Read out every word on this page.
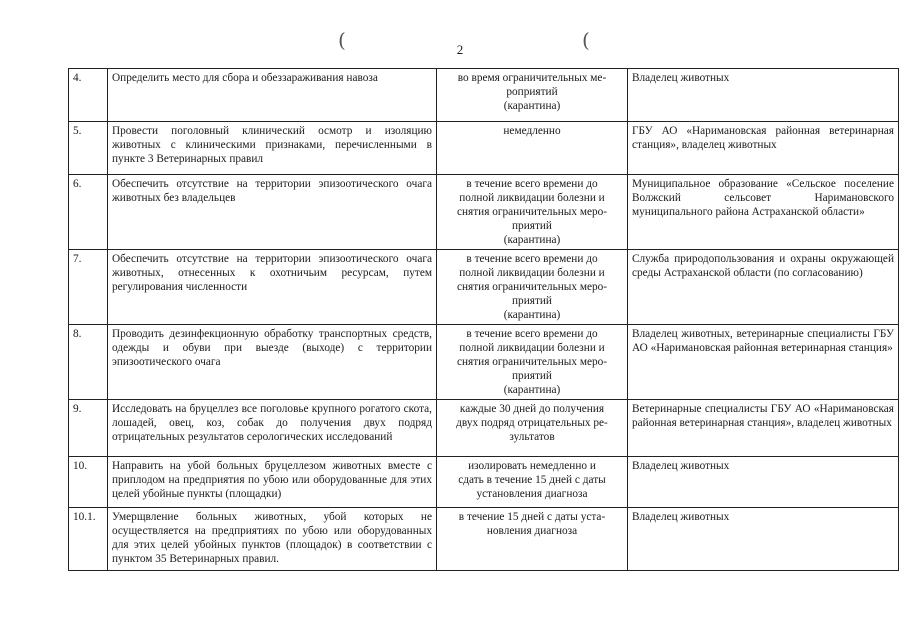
(	(
2
4.	Определить место для сбора и обеззараживания навоза	во время ограничительных ме-
роприятий
(карантина)	Владелец животных
5.	Провести поголовный клинический осмотр и изоляцию животных с клиническими признаками, перечисленными в пункте 3 Ветеринарных правил	немедленно	ГБУ АО «Наримановская районная ветеринарная станция», владелец животных
6.	Обеспечить отсутствие на территории эпизоотического очага животных без владельцев	в течение всего времени до
полной ликвидации болезни и
снятия ограничительных меро-
приятий
(карантина)	Муниципальное образование «Сельское поселение Волжский сельсовет Наримановского муниципального района Астраханской области»
7.	Обеспечить отсутствие на территории эпизоотического очага животных, отнесенных к охотничьим ресурсам, путем регулирования численности	в течение всего времени до
полной ликвидации болезни и
снятия ограничительных меро-
приятий
(карантина)	Служба природопользования и охраны окружающей среды Астраханской области (по согласованию)
8.	Проводить дезинфекционную обработку транспортных средств, одежды и обуви при выезде (выходе) с территории эпизоотического очага	в течение всего времени до
полной ликвидации болезни и
снятия ограничительных меро-
приятий
(карантина)	Владелец животных, ветеринарные специалисты ГБУ АО «Наримановская районная ветеринарная станция»
9.	Исследовать на бруцеллез все поголовье крупного рогатого скота, лошадей, овец, коз, собак до получения двух подряд отрицательных результатов серологических исследований	каждые 30 дней до получения
двух подряд отрицательных ре-
зультатов	Ветеринарные специалисты ГБУ АО «Наримановская районная ветеринарная станция», владелец животных
10.	Направить на убой больных бруцеллезом животных вместе с приплодом на предприятия по убою или оборудованные для этих целей убойные пункты (площадки)	изолировать немедленно и
сдать в течение 15 дней с даты
установления диагноза	Владелец животных
10.1.	Умерщвление больных животных, убой которых не осуществляется на предприятиях по убою или оборудованных для этих целей убойных пунктов (площадок) в соответствии с пунктом 35 Ветеринарных правил.	в течение 15 дней с даты уста-
новления диагноза	Владелец животных
